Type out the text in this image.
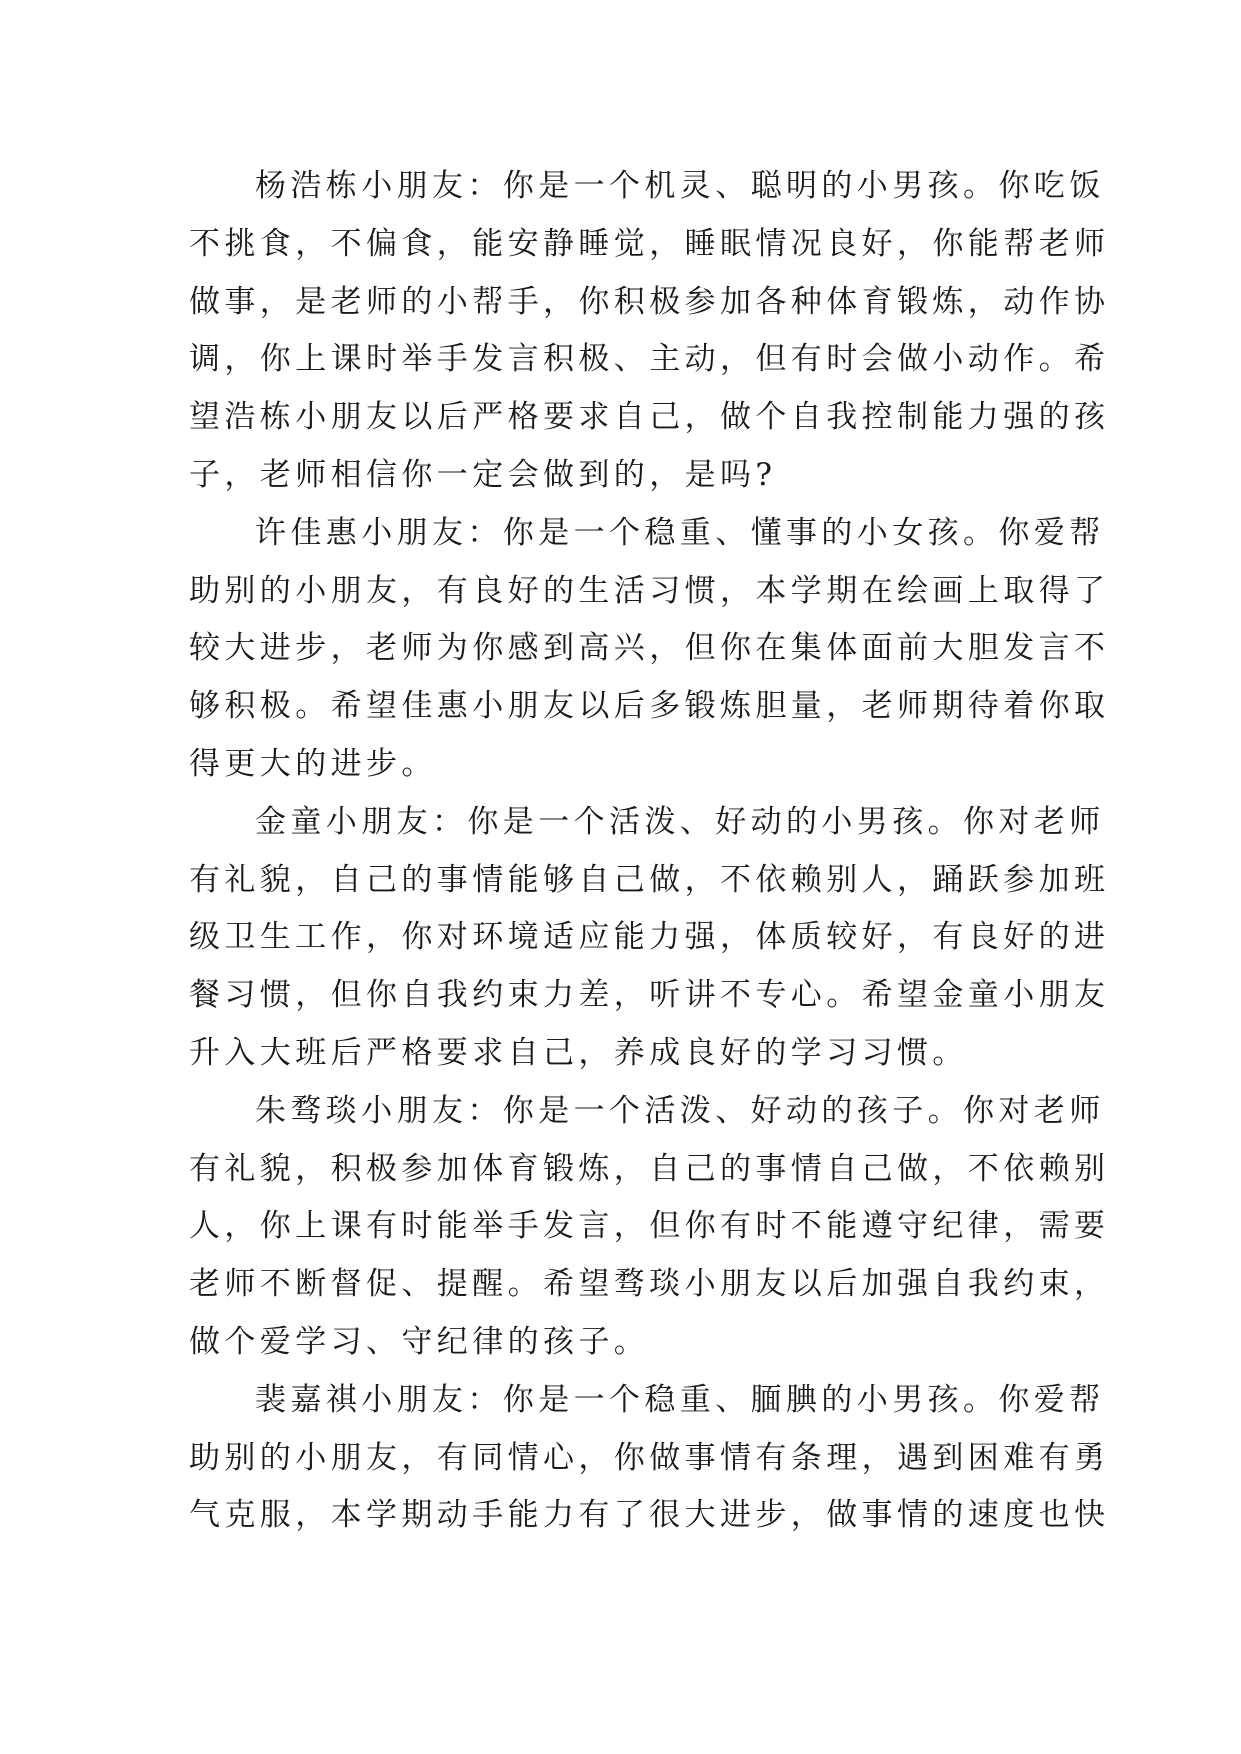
杨浩栋小朋友：你是一个机灵、聪明的小男孩。你吃饭
不挑食，不偏食，能安静睡觉，睡眠情况良好，你能帮老师
做事，是老师的小帮手，你积极参加各种体育锻炼，动作协
调，你上课时举手发言积极、主动，但有时会做小动作。希
望浩栋小朋友以后严格要求自己，做个自我控制能力强的孩
子，老师相信你一定会做到的，是吗?
许佳惠小朋友：你是一个稳重、懂事的小女孩。你爱帮
助别的小朋友，有良好的生活习惯，本学期在绘画上取得了
较大进步，老师为你感到高兴，但你在集体面前大胆发言不
够积极。希望佳惠小朋友以后多锻炼胆量，老师期待着你取
得更大的进步。
金童小朋友：你是一个活泼、好动的小男孩。你对老师
有礼貌，自己的事情能够自己做，不依赖别人，踊跃参加班
级卫生工作，你对环境适应能力强，体质较好，有良好的进
餐习惯，但你自我约束力差，听讲不专心。希望金童小朋友
升入大班后严格要求自己，养成良好的学习习惯。
朱骛琰小朋友：你是一个活泼、好动的孩子。你对老师
有礼貌，积极参加体育锻炼，自己的事情自己做，不依赖别
人，你上课有时能举手发言，但你有时不能遵守纪律，需要
老师不断督促、提醒。希望骛琰小朋友以后加强自我约束，
做个爱学习、守纪律的孩子。
裴嘉祺小朋友：你是一个稳重、腼腆的小男孩。你爱帮
助别的小朋友，有同情心，你做事情有条理，遇到困难有勇
气克服，本学期动手能力有了很大进步，做事情的速度也快
